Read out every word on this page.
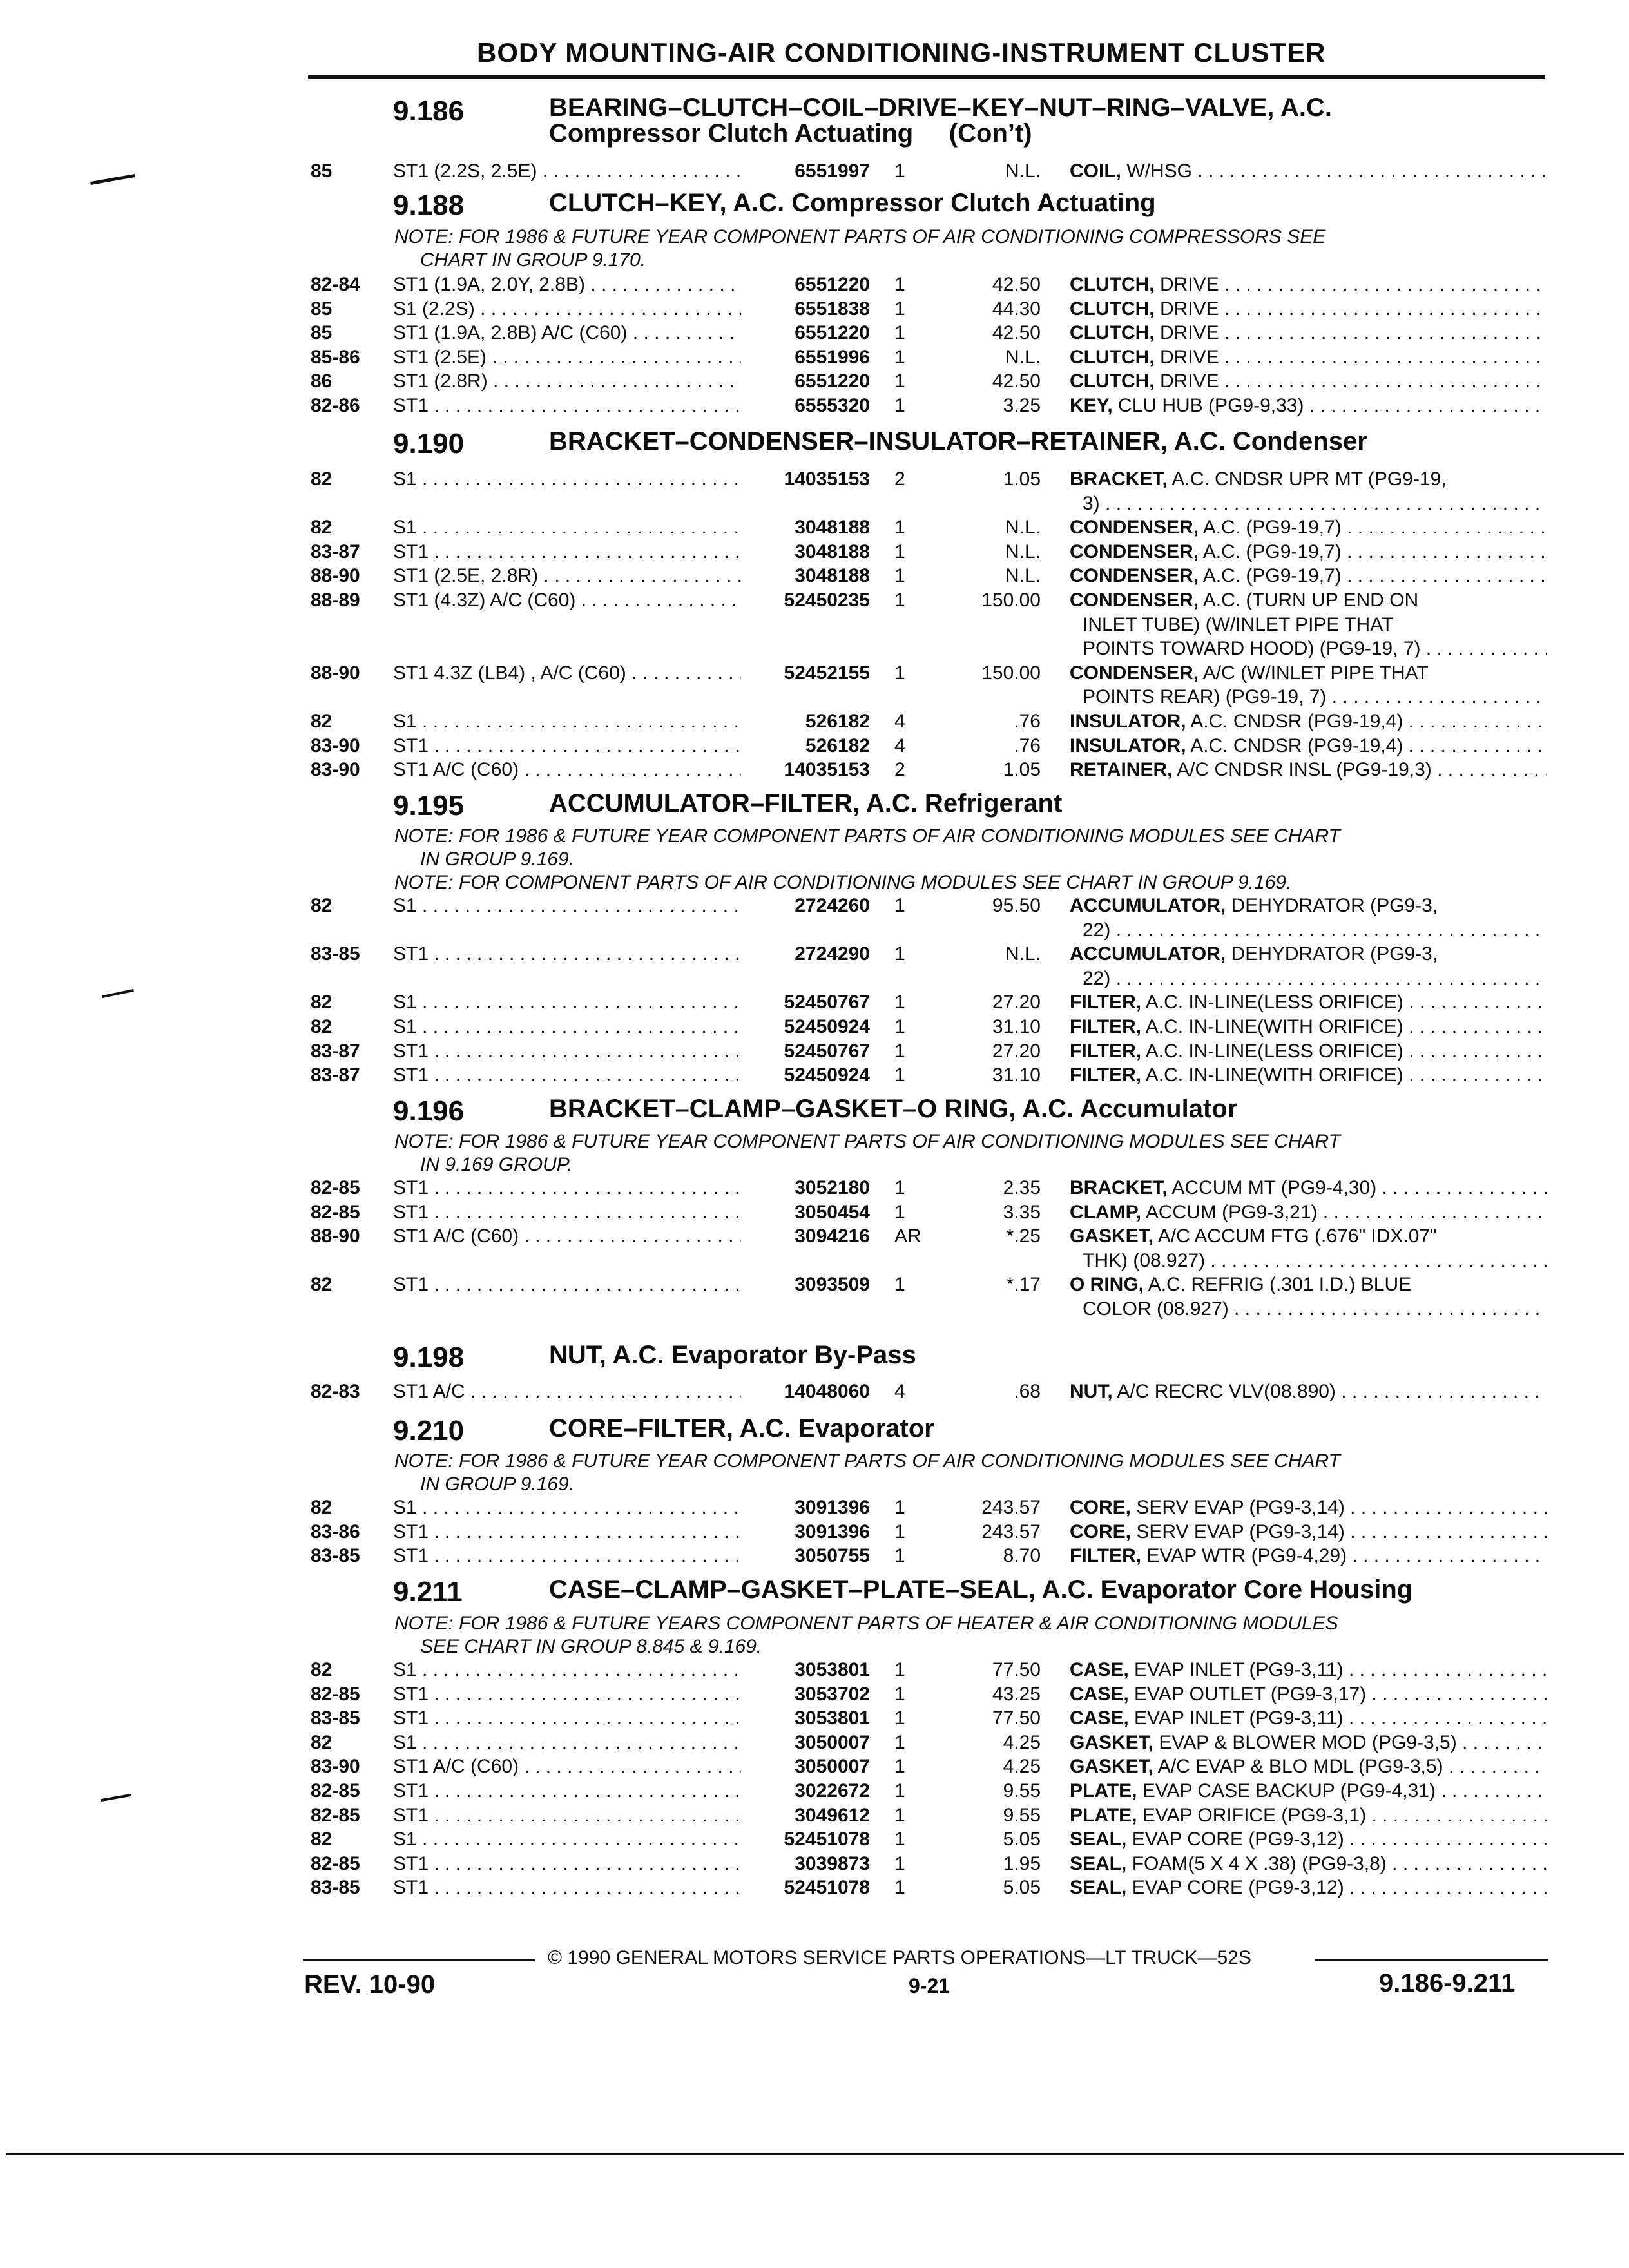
BODY MOUNTING-AIR CONDITIONING-INSTRUMENT CLUSTER
9.186	BEARING–CLUTCH–COIL–DRIVE–KEY–NUT–RING–VALVE, A.C.
Compressor Clutch Actuating     (Con’t)
85	ST1 (2.2S, 2.5E) . . .	6551997 1	N.L. COIL, W/HSG . . .
9.188	CLUTCH–KEY, A.C. Compressor Clutch Actuating
NOTE: FOR 1986 & FUTURE YEAR COMPONENT PARTS OF AIR CONDITIONING COMPRESSORS SEE
CHART IN GROUP 9.170.
82-84 ST1 (1.9A, 2.0Y, 2.8B) . . .	6551220 1	42.50 CLUTCH, DRIVE . . .
85	S1 (2.2S) . . .	6551838 1	44.30 CLUTCH, DRIVE . . .
85	ST1 (1.9A, 2.8B) A/C (C60) . . .	6551220 1	42.50 CLUTCH, DRIVE . . .
85-86 ST1 (2.5E) . . .	6551996 1	N.L. CLUTCH, DRIVE . . .
86	ST1 (2.8R) . . .	6551220 1	42.50 CLUTCH, DRIVE . . .
82-86 ST1 . . .	6555320 1	3.25 KEY, CLU HUB (PG9-9,33) . . .
9.190	BRACKET–CONDENSER–INSULATOR–RETAINER, A.C. Condenser
82	S1 . . .	14035153 2	1.05 BRACKET, A.C. CNDSR UPR MT (PG9-19,
3) . . .
82	S1 . . .	3048188 1	N.L. CONDENSER, A.C. (PG9-19,7) . . .
83-87 ST1 . . .	3048188 1	N.L. CONDENSER, A.C. (PG9-19,7) . . .
88-90 ST1 (2.5E, 2.8R) . . .	3048188 1	N.L. CONDENSER, A.C. (PG9-19,7) . . .
88-89 ST1 (4.3Z) A/C (C60) . . .	52450235 1	150.00 CONDENSER, A.C. (TURN UP END ON
INLET TUBE) (W/INLET PIPE THAT
POINTS TOWARD HOOD) (PG9-19, 7) . . .
88-90 ST1 4.3Z (LB4) , A/C (C60) . . .	52452155 1	150.00 CONDENSER, A/C (W/INLET PIPE THAT
POINTS REAR) (PG9-19, 7) . . .
82	S1 . . .	526182 4	.76 INSULATOR, A.C. CNDSR (PG9-19,4) . . .
83-90 ST1 . . .	526182 4	.76 INSULATOR, A.C. CNDSR (PG9-19,4) . . .
83-90 ST1 A/C (C60) . . .	14035153 2	1.05 RETAINER, A/C CNDSR INSL (PG9-19,3) . . .
9.195	ACCUMULATOR–FILTER, A.C. Refrigerant
NOTE: FOR 1986 & FUTURE YEAR COMPONENT PARTS OF AIR CONDITIONING MODULES SEE CHART
IN GROUP 9.169.
NOTE: FOR COMPONENT PARTS OF AIR CONDITIONING MODULES SEE CHART IN GROUP 9.169.
82	S1 . . .	2724260 1	95.50 ACCUMULATOR, DEHYDRATOR (PG9-3,
22) . . .
83-85 ST1 . . .	2724290 1	N.L. ACCUMULATOR, DEHYDRATOR (PG9-3,
22) . . .
82	S1 . . .	52450767 1	27.20 FILTER, A.C. IN-LINE(LESS ORIFICE) . . .
82	S1 . . .	52450924 1	31.10 FILTER, A.C. IN-LINE(WITH ORIFICE) . . .
83-87 ST1 . . .	52450767 1	27.20 FILTER, A.C. IN-LINE(LESS ORIFICE) . . .
83-87 ST1 . . .	52450924 1	31.10 FILTER, A.C. IN-LINE(WITH ORIFICE) . . .
9.196	BRACKET–CLAMP–GASKET–O RING, A.C. Accumulator
NOTE: FOR 1986 & FUTURE YEAR COMPONENT PARTS OF AIR CONDITIONING MODULES SEE CHART
IN 9.169 GROUP.
82-85 ST1 . . .	3052180 1	2.35 BRACKET, ACCUM MT (PG9-4,30) . . .
82-85 ST1 . . .	3050454 1	3.35 CLAMP, ACCUM (PG9-3,21) . . .
88-90 ST1 A/C (C60) . . .	3094216 AR	*.25 GASKET, A/C ACCUM FTG (.676" IDX.07"
THK) (08.927) . . .
82	ST1 . . .	3093509 1	*.17 O RING, A.C. REFRIG (.301 I.D.) BLUE
COLOR (08.927) . . .
9.198	NUT, A.C. Evaporator By-Pass
82-83 ST1 A/C . . .	14048060 4	.68 NUT, A/C RECRC VLV(08.890) . . .
9.210	CORE–FILTER, A.C. Evaporator
NOTE: FOR 1986 & FUTURE YEAR COMPONENT PARTS OF AIR CONDITIONING MODULES SEE CHART
IN GROUP 9.169.
82	S1 . . .	3091396 1	243.57 CORE, SERV EVAP (PG9-3,14) . . .
83-86 ST1 . . .	3091396 1	243.57 CORE, SERV EVAP (PG9-3,14) . . .
83-85 ST1 . . .	3050755 1	8.70 FILTER, EVAP WTR (PG9-4,29) . . .
9.211	CASE–CLAMP–GASKET–PLATE–SEAL, A.C. Evaporator Core Housing
NOTE: FOR 1986 & FUTURE YEARS COMPONENT PARTS OF HEATER & AIR CONDITIONING MODULES
SEE CHART IN GROUP 8.845 & 9.169.
82	S1 . . .	3053801 1	77.50 CASE, EVAP INLET (PG9-3,11) . . .
82-85 ST1 . . .	3053702 1	43.25 CASE, EVAP OUTLET (PG9-3,17) . . .
83-85 ST1 . . .	3053801 1	77.50 CASE, EVAP INLET (PG9-3,11) . . .
82	S1 . . .	3050007 1	4.25 GASKET, EVAP & BLOWER MOD (PG9-3,5) . . .
83-90 ST1 A/C (C60) . . .	3050007 1	4.25 GASKET, A/C EVAP & BLO MDL (PG9-3,5) . . .
82-85 ST1 . . .	3022672 1	9.55 PLATE, EVAP CASE BACKUP (PG9-4,31) . . .
82-85 ST1 . . .	3049612 1	9.55 PLATE, EVAP ORIFICE (PG9-3,1) . . .
82	S1 . . .	52451078 1	5.05 SEAL, EVAP CORE (PG9-3,12) . . .
82-85 ST1 . . .	3039873 1	1.95 SEAL, FOAM(5 X 4 X .38) (PG9-3,8) . . .
83-85 ST1 . . .	52451078 1	5.05 SEAL, EVAP CORE (PG9-3,12) . . .
© 1990 GENERAL MOTORS SERVICE PARTS OPERATIONS—LT TRUCK—52S
REV. 10-90	9-21	9.186-9.211
